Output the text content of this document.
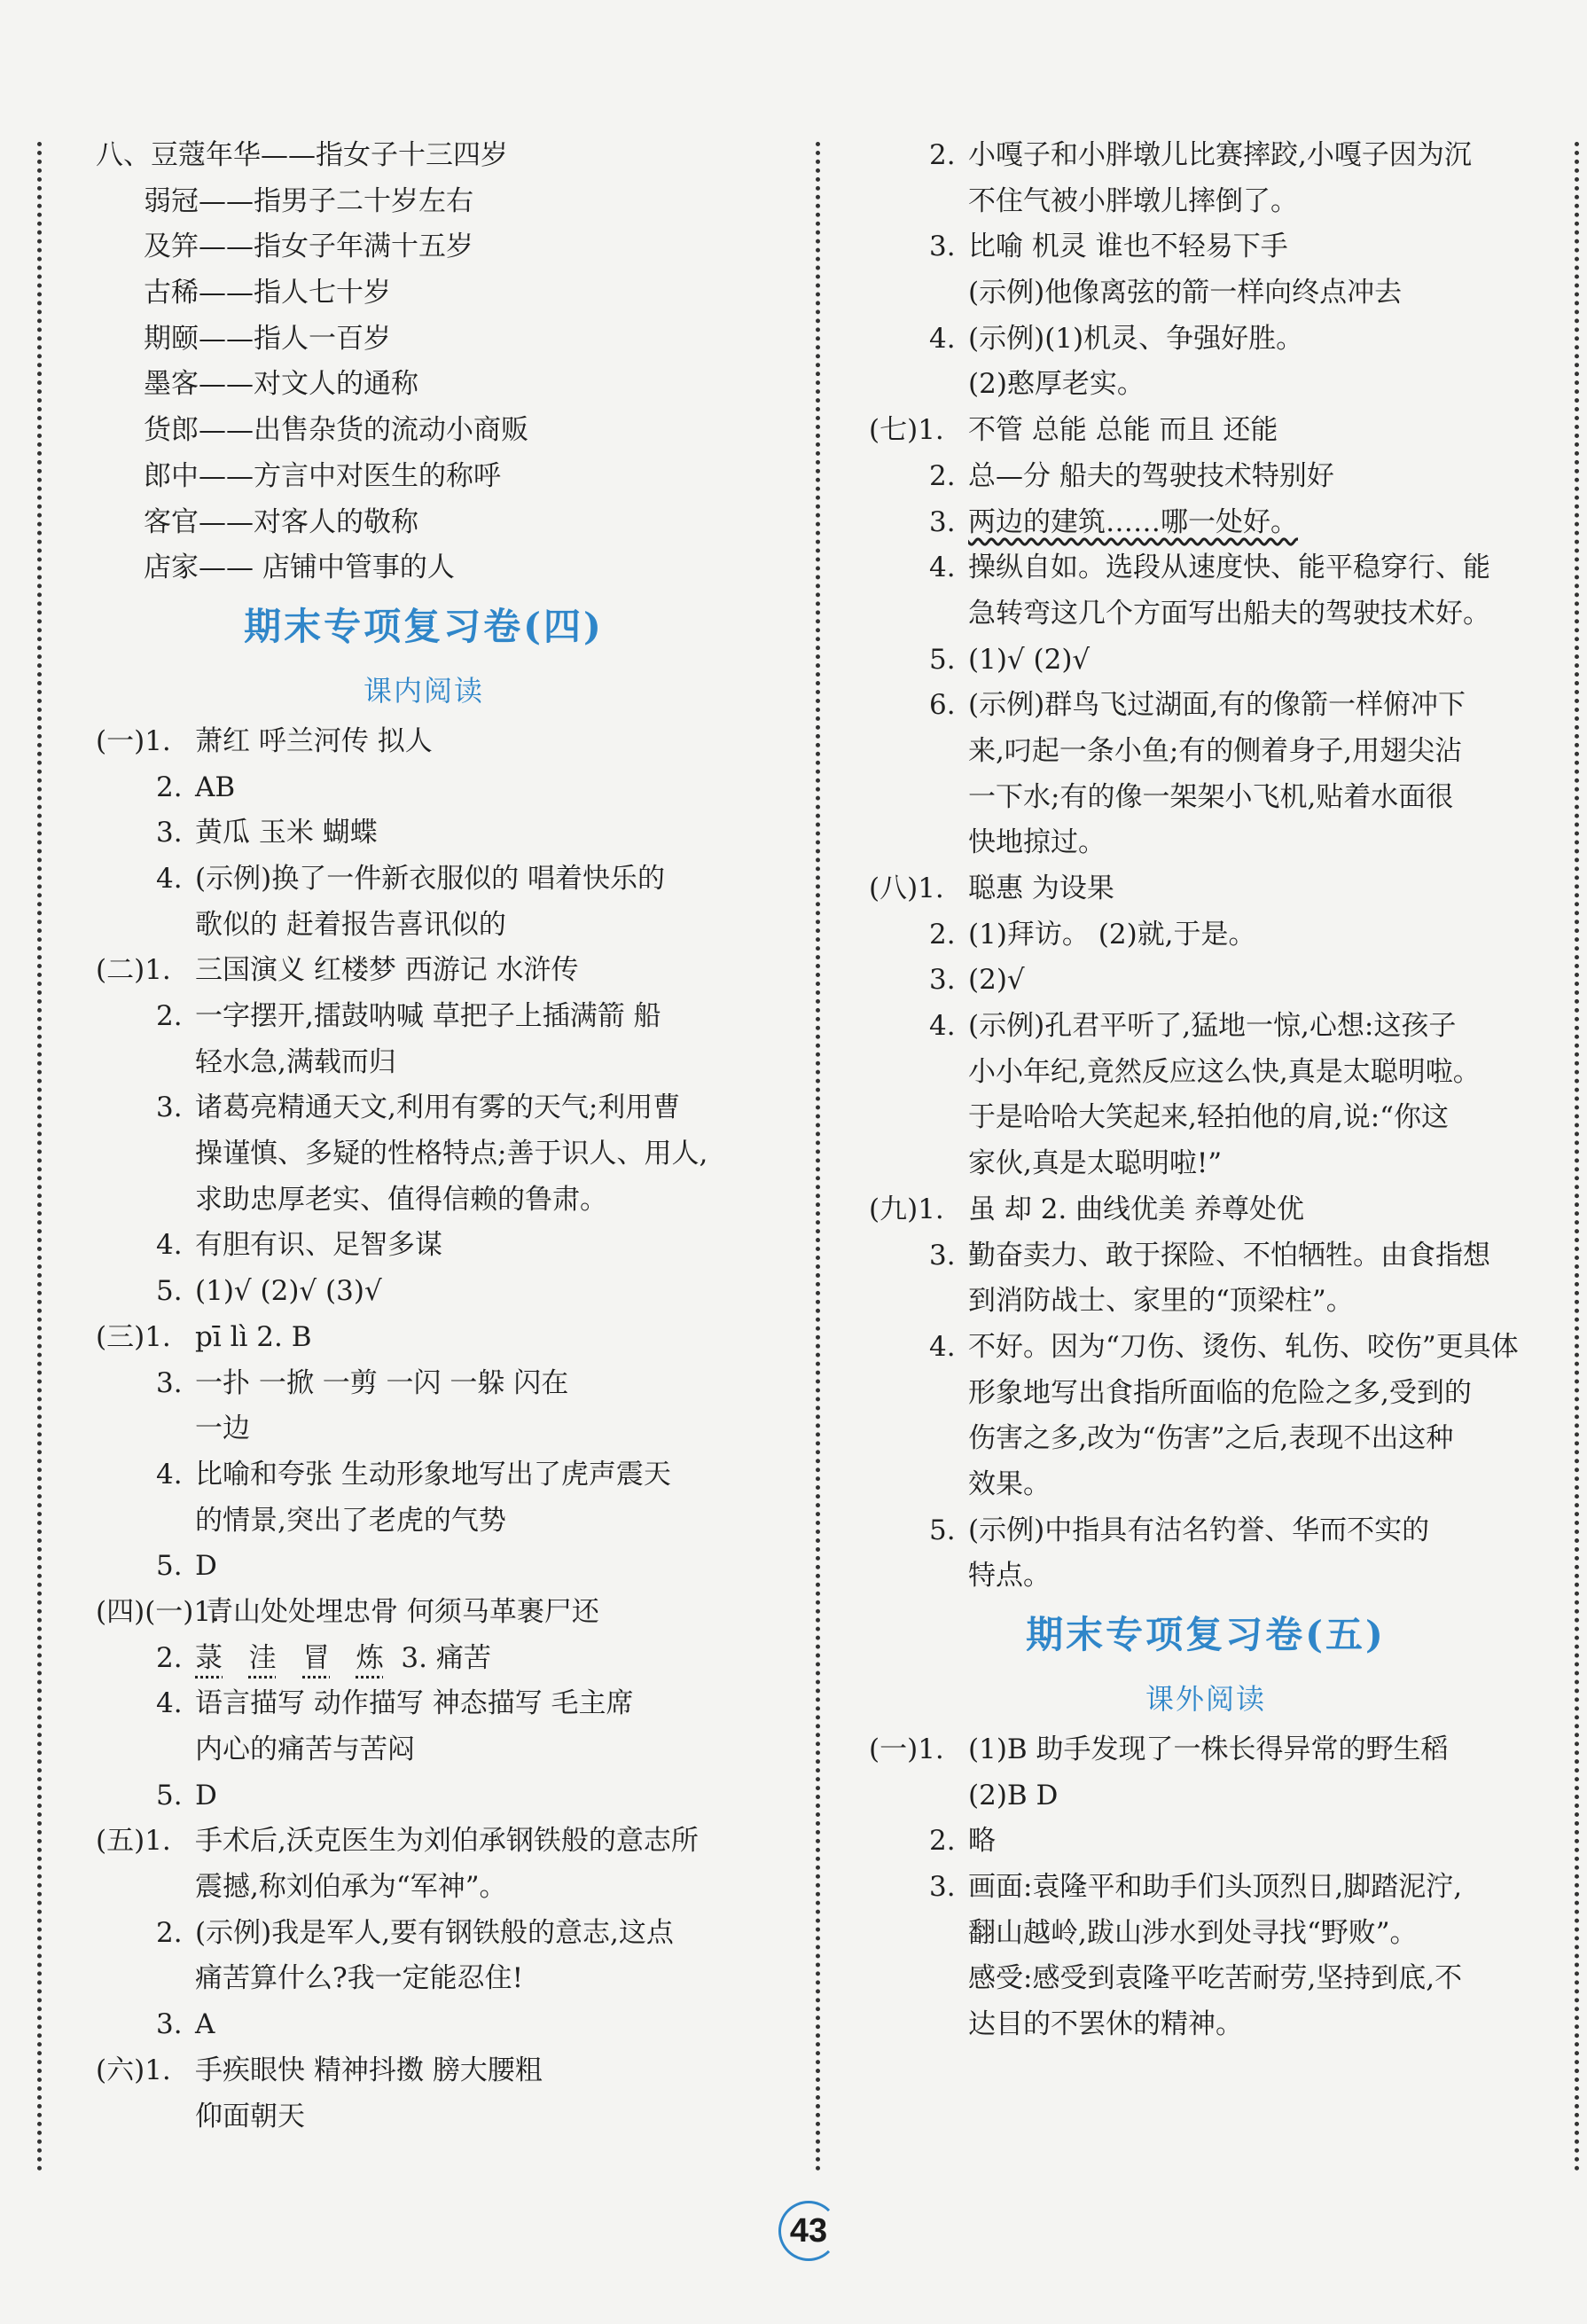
八、豆蔻年华——指女子十三四岁
弱冠——指男子二十岁左右
及笄——指女子年满十五岁
古稀——指人七十岁
期颐——指人一百岁
墨客——对文人的通称
货郎——出售杂货的流动小商贩
郎中——方言中对医生的称呼
客官——对客人的敬称
店家—— 店铺中管事的人
期末专项复习卷(四)
课内阅读
(一)1. 萧红 呼兰河传 拟人
2. AB
3. 黄瓜 玉米 蝴蝶
4. (示例)换了一件新衣服似的 唱着快乐的
歌似的 赶着报告喜讯似的
(二)1. 三国演义 红楼梦 西游记 水浒传
2. 一字摆开,擂鼓呐喊 草把子上插满箭 船
轻水急,满载而归
3. 诸葛亮精通天文,利用有雾的天气;利用曹
操谨慎、多疑的性格特点;善于识人、用人,
求助忠厚老实、值得信赖的鲁肃。
4. 有胆有识、足智多谋
5. (1)√ (2)√ (3)√
(三)1. pī lì 2. B
3. 一扑 一掀 一剪 一闪 一躲 闪在
一边
4. 比喻和夸张 生动形象地写出了虎声震天
的情景,突出了老虎的气势
5. D
(四)(一)1.青山处处埋忠骨 何须马革裹尸还
2. 菉 洼 冒 炼 3. 痛苦
4. 语言描写 动作描写 神态描写 毛主席
内心的痛苦与苦闷
5. D
(五)1. 手术后,沃克医生为刘伯承钢铁般的意志所
震撼,称刘伯承为“军神”。
2. (示例)我是军人,要有钢铁般的意志,这点
痛苦算什么?我一定能忍住!
3. A
(六)1. 手疾眼快 精神抖擞 膀大腰粗
仰面朝天
2. 小嘎子和小胖墩儿比赛摔跤,小嘎子因为沉
不住气被小胖墩儿摔倒了。
3. 比喻 机灵 谁也不轻易下手
(示例)他像离弦的箭一样向终点冲去
4. (示例)(1)机灵、争强好胜。
(2)憨厚老实。
(七)1. 不管 总能 总能 而且 还能
2. 总—分 船夫的驾驶技术特别好
3. 两边的建筑……哪一处好。
4. 操纵自如。选段从速度快、能平稳穿行、能
急转弯这几个方面写出船夫的驾驶技术好。
5. (1)√ (2)√
6. (示例)群鸟飞过湖面,有的像箭一样俯冲下
来,叼起一条小鱼;有的侧着身子,用翅尖沾
一下水;有的像一架架小飞机,贴着水面很
快地掠过。
(八)1. 聪惠 为设果
2. (1)拜访。 (2)就,于是。
3. (2)√
4. (示例)孔君平听了,猛地一惊,心想:这孩子
小小年纪,竟然反应这么快,真是太聪明啦。
于是哈哈大笑起来,轻拍他的肩,说:“你这
家伙,真是太聪明啦!”
(九)1. 虽 却 2. 曲线优美 养尊处优
3. 勤奋卖力、敢于探险、不怕牺牲。由食指想
到消防战士、家里的“顶梁柱”。
4. 不好。因为“刀伤、烫伤、轧伤、咬伤”更具体
形象地写出食指所面临的危险之多,受到的
伤害之多,改为“伤害”之后,表现不出这种
效果。
5. (示例)中指具有沽名钓誉、华而不实的
特点。
期末专项复习卷(五)
课外阅读
(一)1. (1)B 助手发现了一株长得异常的野生稻
(2)B D
2. 略
3. 画面:袁隆平和助手们头顶烈日,脚踏泥泞,
翻山越岭,跋山涉水到处寻找“野败”。
感受:感受到袁隆平吃苦耐劳,坚持到底,不
达目的不罢休的精神。
43
